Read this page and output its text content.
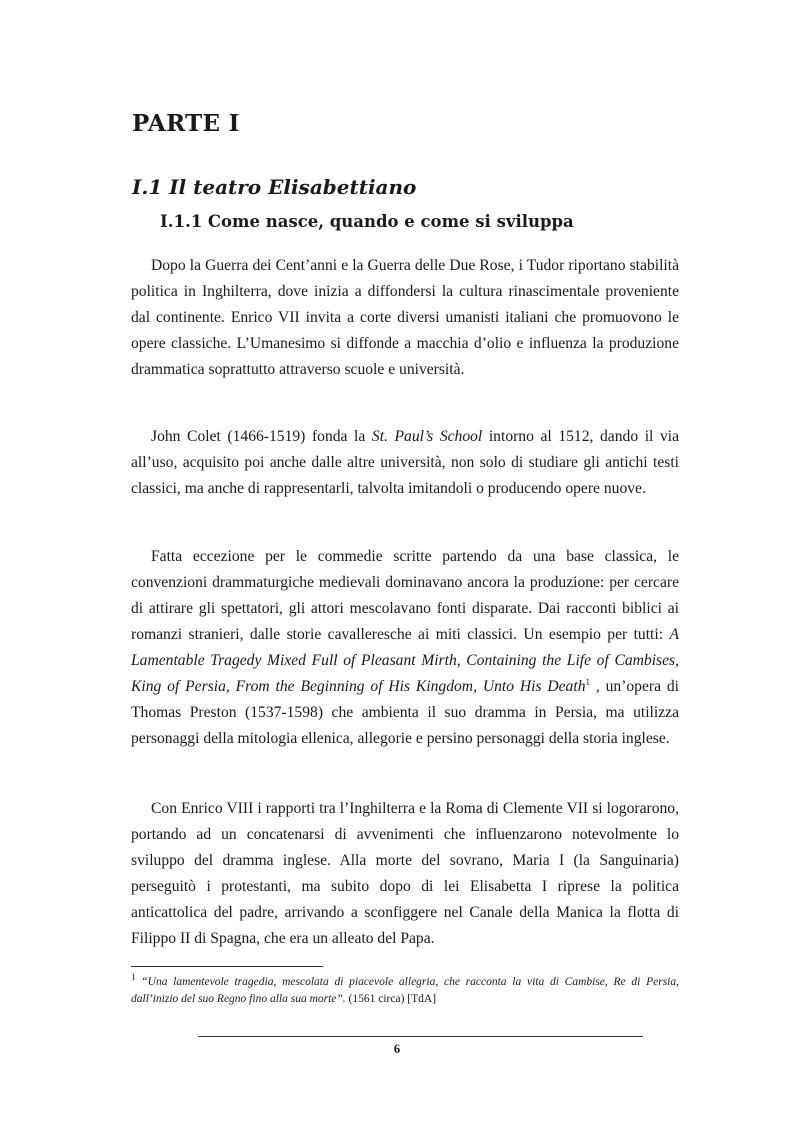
PARTE I
I.1 Il teatro Elisabettiano
I.1.1 Come nasce, quando e come si sviluppa

Dopo la Guerra dei Cent’anni e la Guerra delle Due Rose, i Tudor riportano stabilità politica in Inghilterra, dove inizia a diffondersi la cultura rinascimentale proveniente dal continente. Enrico VII invita a corte diversi umanisti italiani che promuovono le opere classiche. L’Umanesimo si diffonde a macchia d’olio e influenza la produzione drammatica soprattutto attraverso scuole e università.

John Colet (1466-1519) fonda la St. Paul’s School intorno al 1512, dando il via all’uso, acquisito poi anche dalle altre università, non solo di studiare gli antichi testi classici, ma anche di rappresentarli, talvolta imitandoli o producendo opere nuove.

Fatta eccezione per le commedie scritte partendo da una base classica, le convenzioni drammaturgiche medievali dominavano ancora la produzione: per cercare di attirare gli spettatori, gli attori mescolavano fonti disparate. Dai racconti biblici ai romanzi stranieri, dalle storie cavalleresche ai miti classici. Un esempio per tutti: A Lamentable Tragedy Mixed Full of Pleasant Mirth, Containing the Life of Cambises, King of Persia, From the Beginning of His Kingdom, Unto His Death$^1$ , un’opera di Thomas Preston (1537-1598) che ambienta il suo dramma in Persia, ma utilizza personaggi della mitologia ellenica, allegorie e persino personaggi della storia inglese.

Con Enrico VIII i rapporti tra l’Inghilterra e la Roma di Clemente VII si logorarono, portando ad un concatenarsi di avvenimenti che influenzarono notevolmente lo sviluppo del dramma inglese. Alla morte del sovrano, Maria I (la Sanguinaria) perseguitò i protestanti, ma subito dopo di lei Elisabetta I riprese la politica anticattolica del padre, arrivando a sconfiggere nel Canale della Manica la flotta di Filippo II di Spagna, che era un alleato del Papa.

$^1$ “Una lamentevole tragedia, mescolata di piacevole allegria, che racconta la vita di Cambise, Re di Persia, dall’inizio del suo Regno fino alla sua morte”. (1561 circa) [TdA]

6
